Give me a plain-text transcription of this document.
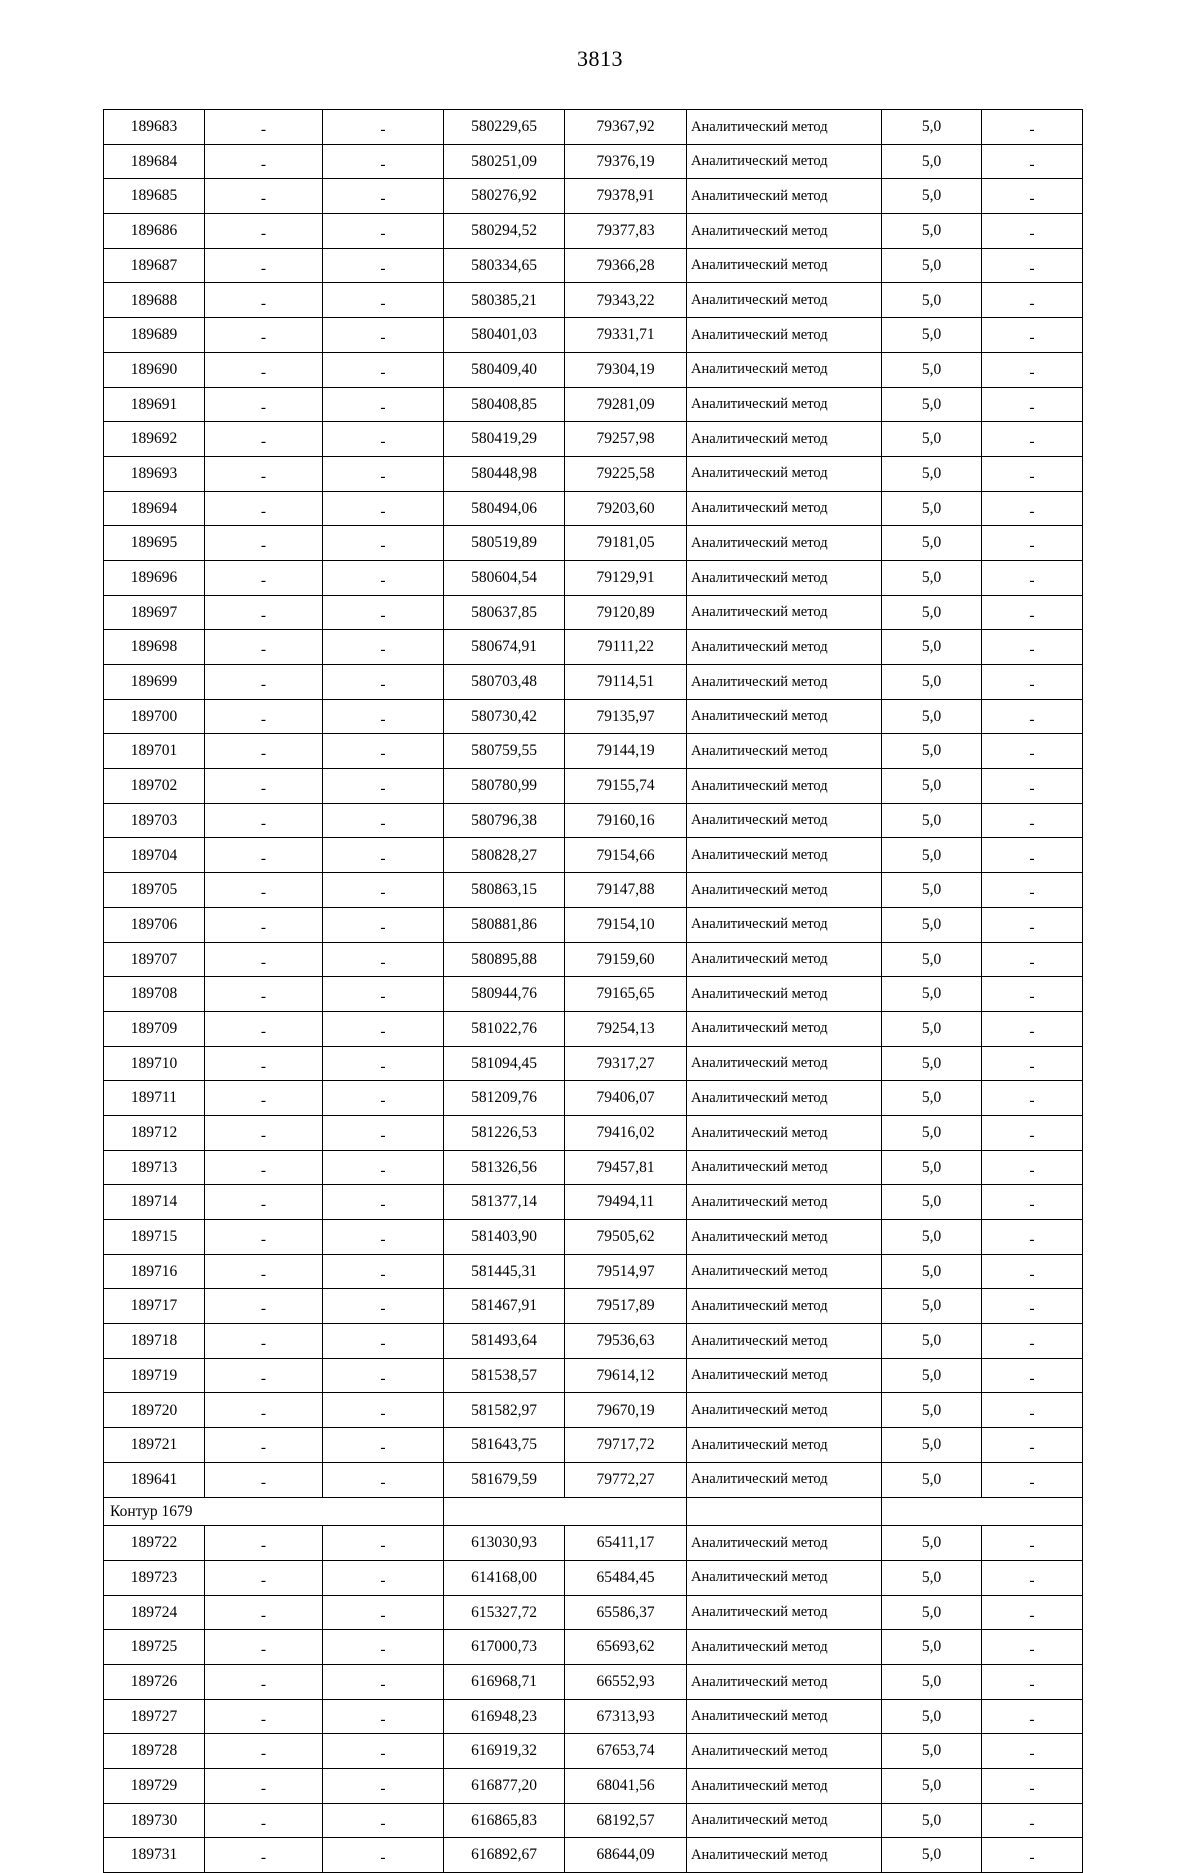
3813
189683	-	-	580229,65	79367,92	Аналитический метод	5,0	-
189684	-	-	580251,09	79376,19	Аналитический метод	5,0	-
189685	-	-	580276,92	79378,91	Аналитический метод	5,0	-
189686	-	-	580294,52	79377,83	Аналитический метод	5,0	-
189687	-	-	580334,65	79366,28	Аналитический метод	5,0	-
189688	-	-	580385,21	79343,22	Аналитический метод	5,0	-
189689	-	-	580401,03	79331,71	Аналитический метод	5,0	-
189690	-	-	580409,40	79304,19	Аналитический метод	5,0	-
189691	-	-	580408,85	79281,09	Аналитический метод	5,0	-
189692	-	-	580419,29	79257,98	Аналитический метод	5,0	-
189693	-	-	580448,98	79225,58	Аналитический метод	5,0	-
189694	-	-	580494,06	79203,60	Аналитический метод	5,0	-
189695	-	-	580519,89	79181,05	Аналитический метод	5,0	-
189696	-	-	580604,54	79129,91	Аналитический метод	5,0	-
189697	-	-	580637,85	79120,89	Аналитический метод	5,0	-
189698	-	-	580674,91	79111,22	Аналитический метод	5,0	-
189699	-	-	580703,48	79114,51	Аналитический метод	5,0	-
189700	-	-	580730,42	79135,97	Аналитический метод	5,0	-
189701	-	-	580759,55	79144,19	Аналитический метод	5,0	-
189702	-	-	580780,99	79155,74	Аналитический метод	5,0	-
189703	-	-	580796,38	79160,16	Аналитический метод	5,0	-
189704	-	-	580828,27	79154,66	Аналитический метод	5,0	-
189705	-	-	580863,15	79147,88	Аналитический метод	5,0	-
189706	-	-	580881,86	79154,10	Аналитический метод	5,0	-
189707	-	-	580895,88	79159,60	Аналитический метод	5,0	-
189708	-	-	580944,76	79165,65	Аналитический метод	5,0	-
189709	-	-	581022,76	79254,13	Аналитический метод	5,0	-
189710	-	-	581094,45	79317,27	Аналитический метод	5,0	-
189711	-	-	581209,76	79406,07	Аналитический метод	5,0	-
189712	-	-	581226,53	79416,02	Аналитический метод	5,0	-
189713	-	-	581326,56	79457,81	Аналитический метод	5,0	-
189714	-	-	581377,14	79494,11	Аналитический метод	5,0	-
189715	-	-	581403,90	79505,62	Аналитический метод	5,0	-
189716	-	-	581445,31	79514,97	Аналитический метод	5,0	-
189717	-	-	581467,91	79517,89	Аналитический метод	5,0	-
189718	-	-	581493,64	79536,63	Аналитический метод	5,0	-
189719	-	-	581538,57	79614,12	Аналитический метод	5,0	-
189720	-	-	581582,97	79670,19	Аналитический метод	5,0	-
189721	-	-	581643,75	79717,72	Аналитический метод	5,0	-
189641	-	-	581679,59	79772,27	Аналитический метод	5,0	-
Контур 1679							
189722	-	-	613030,93	65411,17	Аналитический метод	5,0	-
189723	-	-	614168,00	65484,45	Аналитический метод	5,0	-
189724	-	-	615327,72	65586,37	Аналитический метод	5,0	-
189725	-	-	617000,73	65693,62	Аналитический метод	5,0	-
189726	-	-	616968,71	66552,93	Аналитический метод	5,0	-
189727	-	-	616948,23	67313,93	Аналитический метод	5,0	-
189728	-	-	616919,32	67653,74	Аналитический метод	5,0	-
189729	-	-	616877,20	68041,56	Аналитический метод	5,0	-
189730	-	-	616865,83	68192,57	Аналитический метод	5,0	-
189731	-	-	616892,67	68644,09	Аналитический метод	5,0	-
